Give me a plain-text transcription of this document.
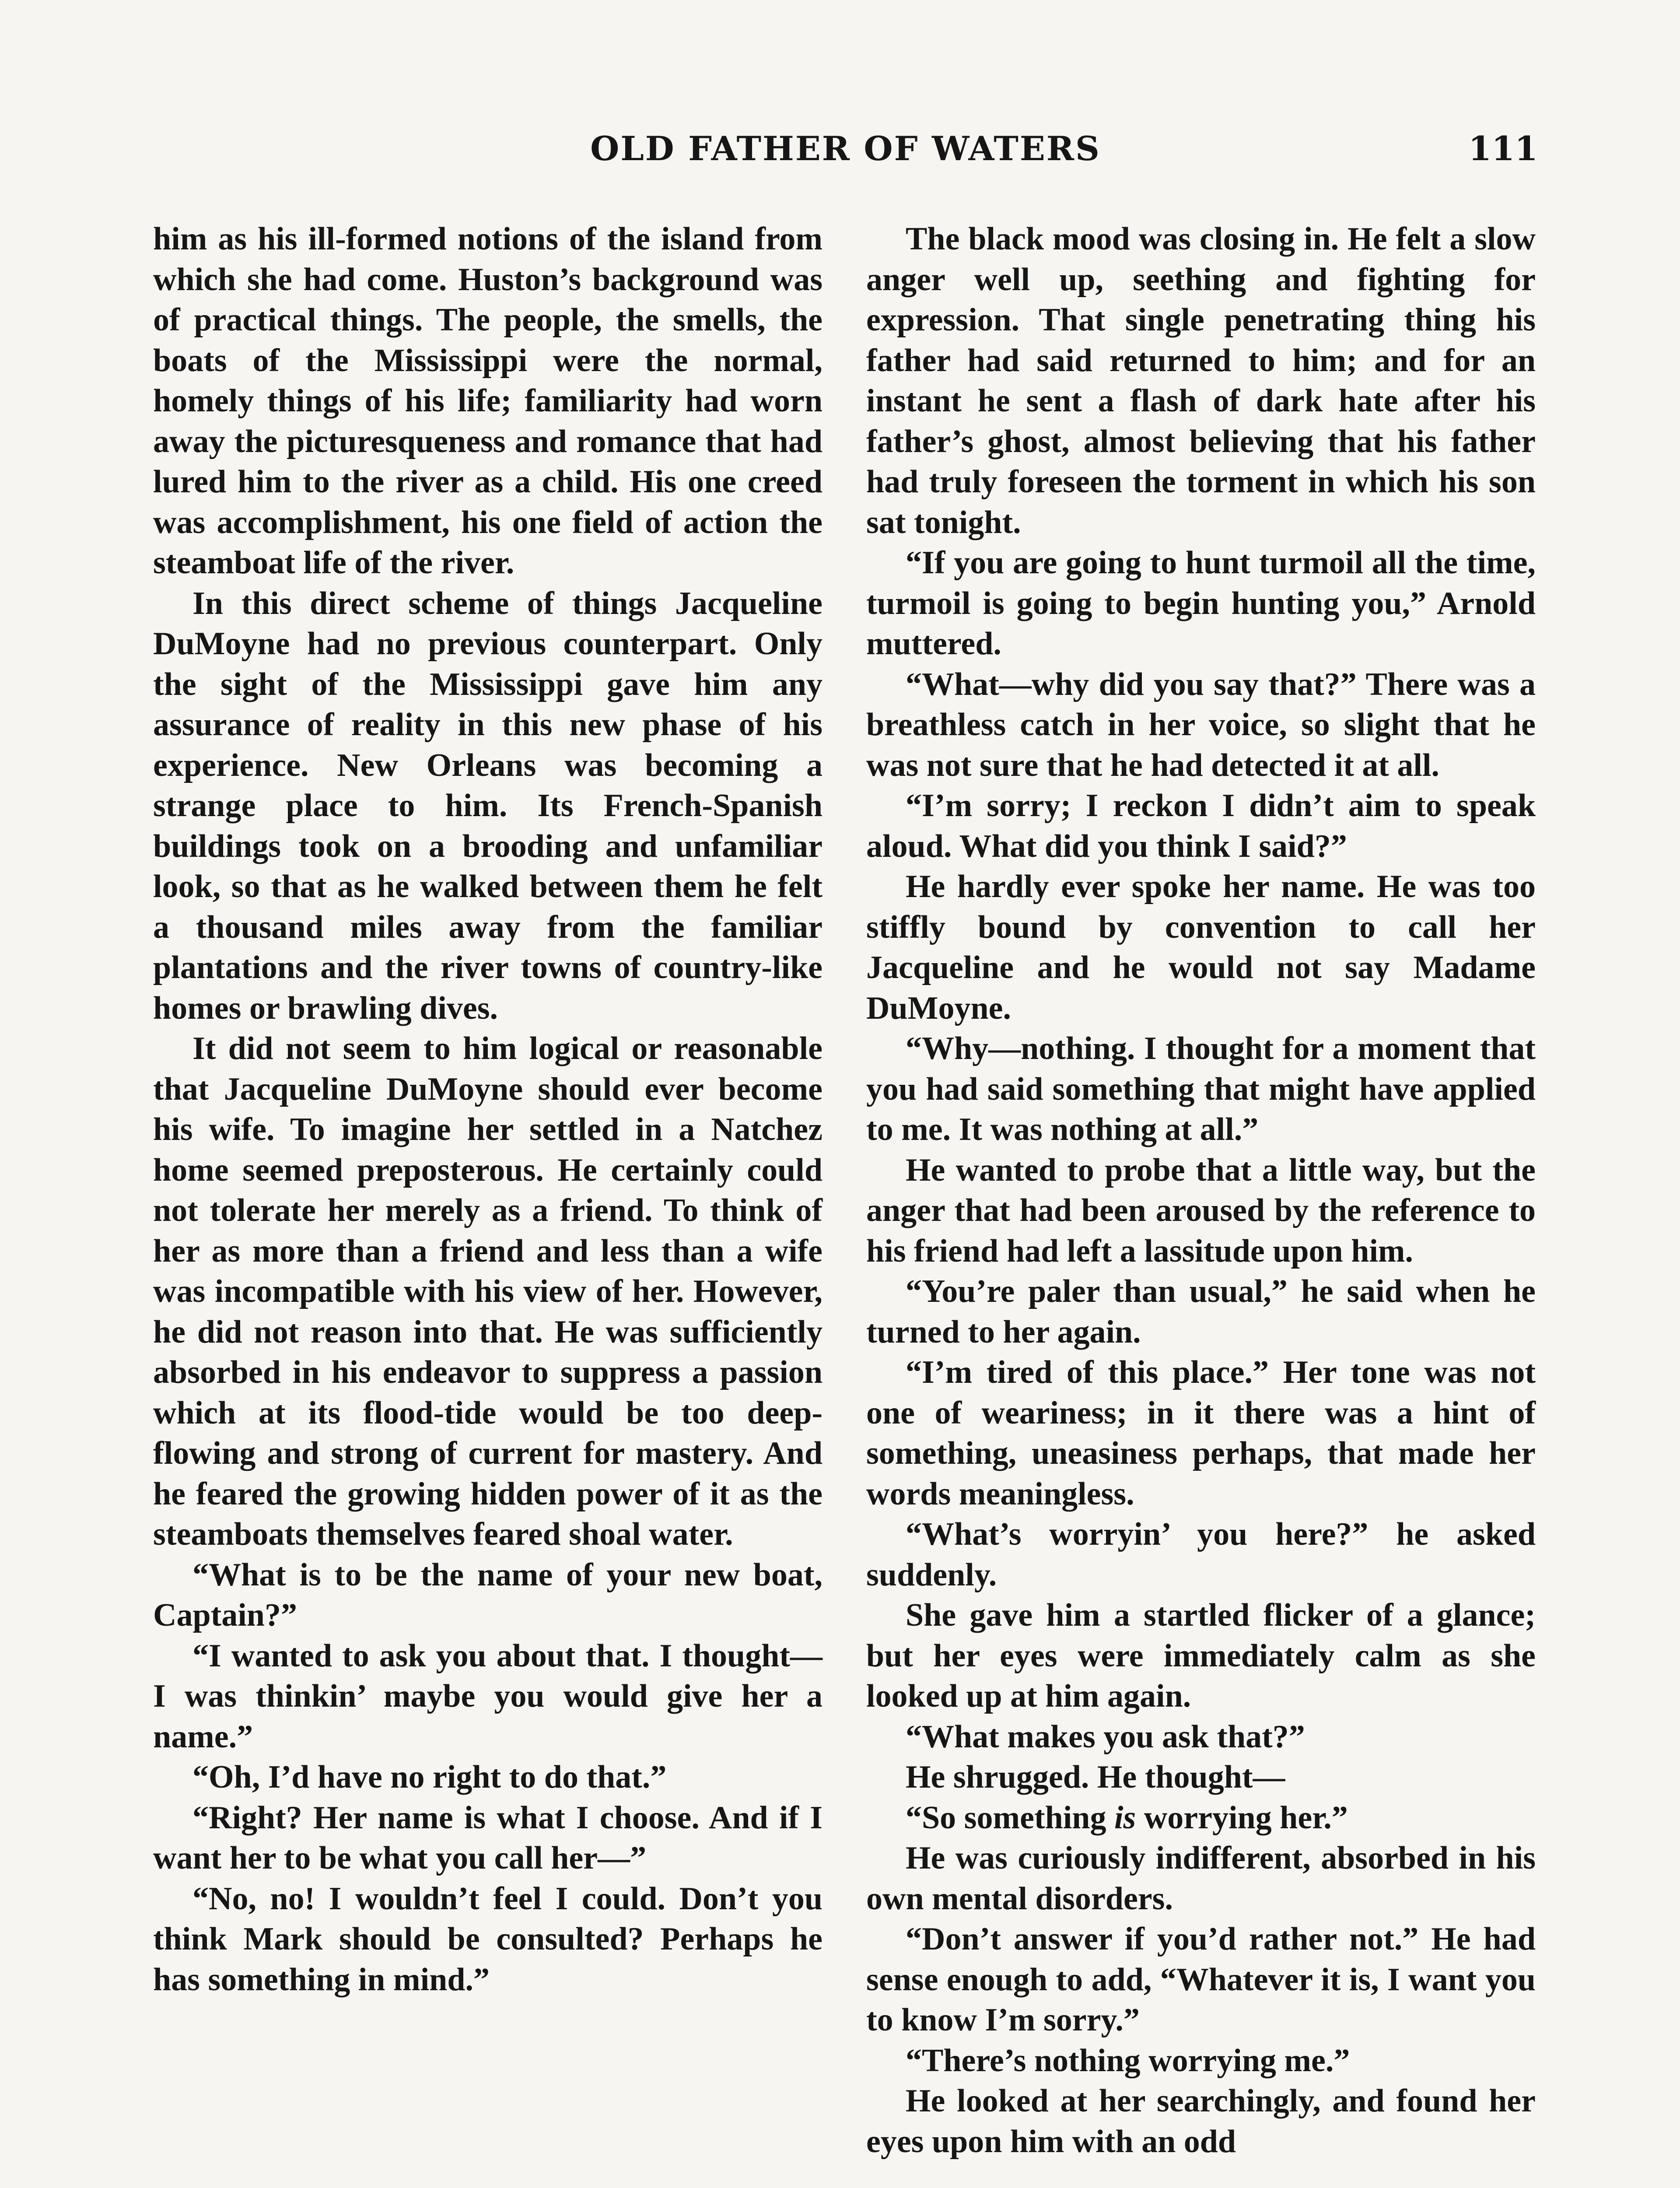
OLD FATHER OF WATERS	111

him as his ill-formed notions of the island from which she had come. Huston’s background was of practical things. The people, the smells, the boats of the Mississippi were the normal, homely things of his life; familiarity had worn away the picturesqueness and romance that had lured him to the river as a child. His one creed was accomplishment, his one field of action the steamboat life of the river.

In this direct scheme of things Jacqueline DuMoyne had no previous counterpart. Only the sight of the Mississippi gave him any assurance of reality in this new phase of his experience. New Orleans was becoming a strange place to him. Its French-Spanish buildings took on a brooding and unfamiliar look, so that as he walked between them he felt a thousand miles away from the familiar plantations and the river towns of country-like homes or brawling dives.

It did not seem to him logical or reasonable that Jacqueline DuMoyne should ever become his wife. To imagine her settled in a Natchez home seemed preposterous. He certainly could not tolerate her merely as a friend. To think of her as more than a friend and less than a wife was incompatible with his view of her. However, he did not reason into that. He was sufficiently absorbed in his endeavor to suppress a passion which at its flood-tide would be too deep-flowing and strong of current for mastery. And he feared the growing hidden power of it as the steamboats themselves feared shoal water.

“What is to be the name of your new boat, Captain?”

“I wanted to ask you about that. I thought— I was thinkin’ maybe you would give her a name.”

“Oh, I’d have no right to do that.”

“Right? Her name is what I choose. And if I want her to be what you call her—”

“No, no! I wouldn’t feel I could. Don’t you think Mark should be consulted? Perhaps he has something in mind.”

The black mood was closing in. He felt a slow anger well up, seething and fighting for expression. That single penetrating thing his father had said returned to him; and for an instant he sent a flash of dark hate after his father’s ghost, almost believing that his father had truly foreseen the torment in which his son sat tonight.

“If you are going to hunt turmoil all the time, turmoil is going to begin hunting you,” Arnold muttered.

“What—why did you say that?” There was a breathless catch in her voice, so slight that he was not sure that he had detected it at all.

“I’m sorry; I reckon I didn’t aim to speak aloud. What did you think I said?”

He hardly ever spoke her name. He was too stiffly bound by convention to call her Jacqueline and he would not say Madame DuMoyne.

“Why—nothing. I thought for a moment that you had said something that might have applied to me. It was nothing at all.”

He wanted to probe that a little way, but the anger that had been aroused by the reference to his friend had left a lassitude upon him.

“You’re paler than usual,” he said when he turned to her again.

“I’m tired of this place.” Her tone was not one of weariness; in it there was a hint of something, uneasiness perhaps, that made her words meaningless.

“What’s worryin’ you here?” he asked suddenly.

She gave him a startled flicker of a glance; but her eyes were immediately calm as she looked up at him again.

“What makes you ask that?”

He shrugged. He thought—

“So something is worrying her.”

He was curiously indifferent, absorbed in his own mental disorders.

“Don’t answer if you’d rather not.” He had sense enough to add, “Whatever it is, I want you to know I’m sorry.”

“There’s nothing worrying me.”

He looked at her searchingly, and found her eyes upon him with an odd
